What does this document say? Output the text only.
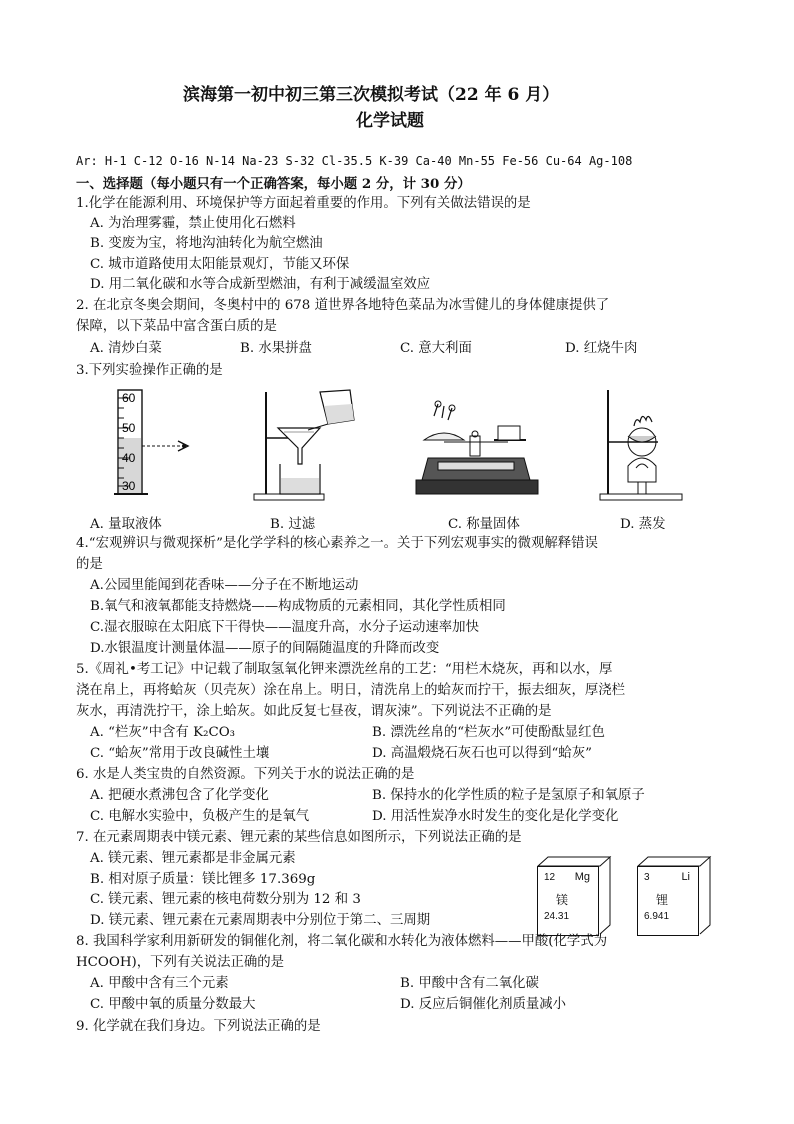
滨海第一初中初三第三次模拟考试（22 年 6 月）
化学试题
Ar: H-1 C-12 O-16 N-14 Na-23 S-32 Cl-35.5 K-39 Ca-40 Mn-55 Fe-56 Cu-64 Ag-108
一、选择题（每小题只有一个正确答案，每小题 2 分，计 30 分）
1.化学在能源利用、环境保护等方面起着重要的作用。下列有关做法错误的是
A. 为治理雾霾，禁止使用化石燃料
B. 变废为宝，将地沟油转化为航空燃油
C. 城市道路使用太阳能景观灯，节能又环保
D. 用二氧化碳和水等合成新型燃油，有利于减缓温室效应
2. 在北京冬奥会期间，冬奥村中的 678 道世界各地特色菜品为冰雪健儿的身体健康提供了
保障，以下菜品中富含蛋白质的是
A. 清炒白菜	B. 水果拼盘	C. 意大利面	D. 红烧牛肉
3.下列实验操作正确的是
60
50
40
30
A. 量取液体	B. 过滤	C. 称量固体	D. 蒸发
4.“宏观辨识与微观探析”是化学学科的核心素养之一。关于下列宏观事实的微观解释错误
的是
A.公园里能闻到花香味——分子在不断地运动
B.氧气和液氧都能支持燃烧——构成物质的元素相同，其化学性质相同
C.湿衣服晾在太阳底下干得快——温度升高，水分子运动速率加快
D.水银温度计测量体温——原子的间隔随温度的升降而改变
5.《周礼•考工记》中记载了制取氢氧化钾来漂洗丝帛的工艺：“用栏木烧灰，再和以水，厚
浇在帛上，再将蛤灰（贝壳灰）涂在帛上。明日，清洗帛上的蛤灰而拧干，振去细灰，厚浇栏
灰水，再清洗拧干，涂上蛤灰。如此反复七昼夜，谓灰涑”。下列说法不正确的是
A. “栏灰”中含有 K₂CO₃	B. 漂洗丝帛的“栏灰水”可使酚酞显红色
C. “蛤灰”常用于改良碱性土壤	D. 高温煅烧石灰石也可以得到“蛤灰”
6. 水是人类宝贵的自然资源。下列关于水的说法正确的是
A. 把硬水煮沸包含了化学变化	B. 保持水的化学性质的粒子是氢原子和氧原子
C. 电解水实验中，负极产生的是氧气	D. 用活性炭净水时发生的变化是化学变化
7. 在元素周期表中镁元素、锂元素的某些信息如图所示，下列说法正确的是
A. 镁元素、锂元素都是非金属元素
B. 相对原子质量：镁比锂多 17.369g
C. 镁元素、锂元素的核电荷数分别为 12 和 3
D. 镁元素、锂元素在元素周期表中分别位于第二、三周期
12 Mg
镁
24.31
3	Li
锂
6.941
8. 我国科学家利用新研发的铜催化剂，将二氧化碳和水转化为液体燃料——甲酸(化学式为
HCOOH)，下列有关说法正确的是
A. 甲酸中含有三个元素	B. 甲酸中含有二氧化碳
C. 甲酸中氧的质量分数最大	D. 反应后铜催化剂质量减小
9. 化学就在我们身边。下列说法正确的是
